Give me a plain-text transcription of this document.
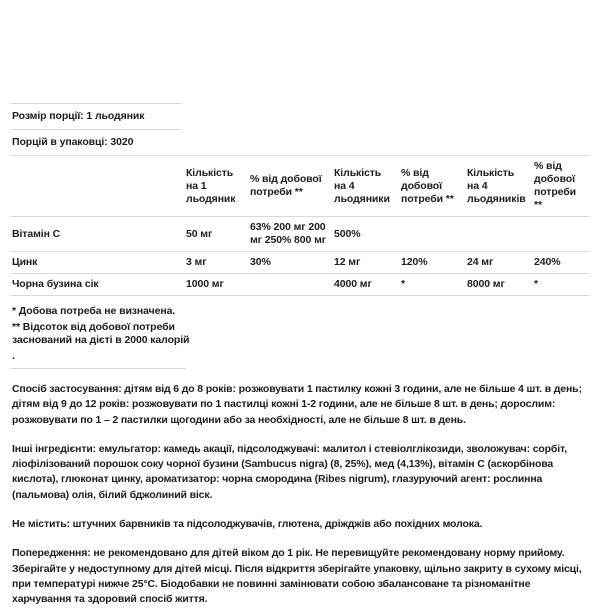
Розмір порції: 1 льодяник
Порцій в упаковці: 3020
	Кількість на 1 льодяник	% від добової потреби **	Кількість на 4 льодяники	% від добової потреби **	Кількість на 4 льодяників	% від добової потреби **
Вітамін C	50 мг	63% 200 мг 200 мг 250% 800 мг	500%			
Цинк	3 мг	30%	12 мг	120%	24 мг	240%
Чорна бузина сік	1000 мг		4000 мг	*	8000 мг	*
* Добова потреба не визначена.
** Відсоток від добової потреби заснований на дієті в 2000 калорій
.
Спосіб застосування: дітям від 6 до 8 років: розжовувати 1 пастилку кожні 3 години, але не більше 4 шт. в день; дітям від 9 до 12 років: розжовувати по 1 пастилці кожні 1-2 години, але не більше 8 шт. в день; дорослим: розжовувати по 1 – 2 пастилки щогодини або за необхідності, але не більше 8 шт. в день.
Інші інгредієнти: емульгатор: камедь акації, підсолоджувачі: малитол і стевіолглікозиди, зволожувач: сорбіт, ліофілізований порошок соку чорної бузини (Sambucus nigra) (8, 25%), мед (4,13%), вітамін C (аскорбінова кислота), глюконат цинку, ароматизатор: чорна смородина (Ribes nigrum), глазуруючий агент: рослинна (пальмова) олія, білий бджолиний віск.
Не містить: штучних барвників та підсолоджувачів, глютена, дріжджів або похідних молока.
Попередження: не рекомендовано для дітей віком до 1 рік. Не перевищуйте рекомендовану норму прийому. Зберігайте у недоступному для дітей місці. Після відкриття зберігайте упаковку, щільно закриту в сухому місці, при температурі нижче 25°C. Біодобавки не повинні замінювати собою збалансоване та різноманітне харчування та здоровий спосіб життя.
